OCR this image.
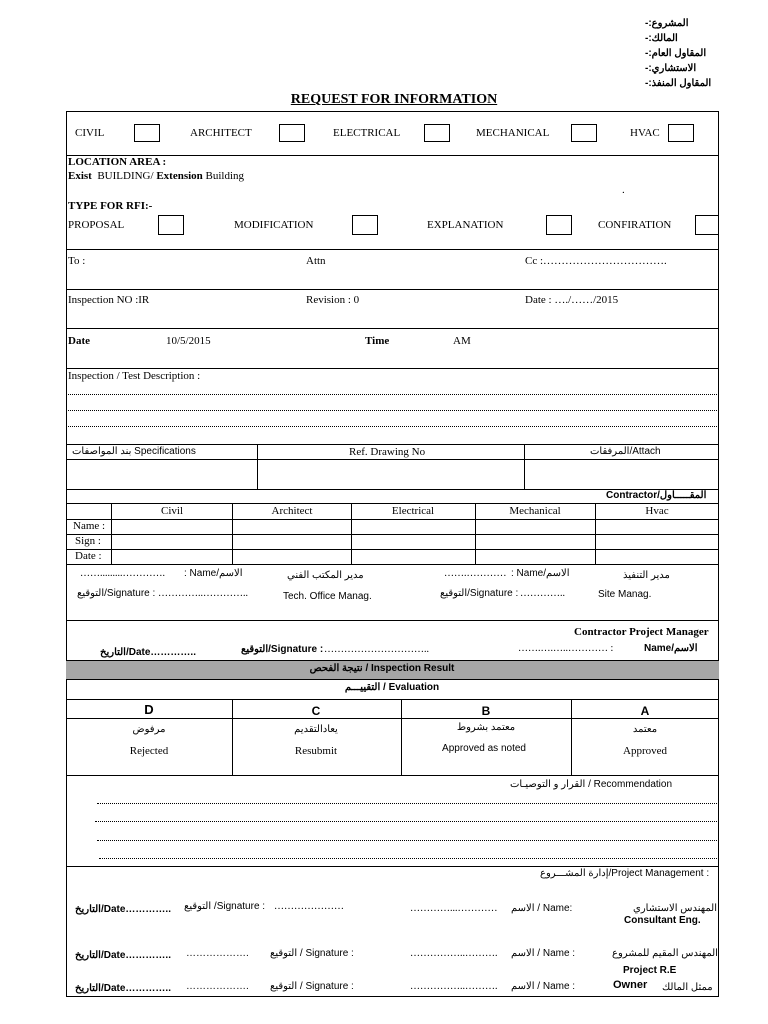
المشروع:-
المالك:-
المقاول العام:-
الاستشاري:-
المقاول المنفذ:-
REQUEST FOR INFORMATION
CIVIL	ARCHITECT	ELECTRICAL	MECHANICAL	HVAC
LOCATION AREA :
Exist BUILDING/ Extension Building
.
TYPE FOR RFI:-
PROPOSAL	MODIFICATION	EXPLANATION	CONFIRATION
To :	Attn	Cc :…………………………….
Inspection NO :IR	Revision : 0	Date : …./……/2015
Date	10/5/2015	Time	AM
Inspection / Test Description :
بند المواصفات Specifications	Ref. Drawing No	المرفقات/Attach
المقـــــاول/Contractor
Civil	Architect	Electrical	Mechanical	Hvac
Name :
Sign :
Date :
…….........…………. : Name/الاسم	مدير المكتب الفني	…….………… : Name/الاسم	مدير التنفيذ
التوقيع/Signature : …………..…………..	Tech. Office Manag.	التوقيع/Signature : …………..	Site Manag.
Contractor Project Manager
التاريخ/Date…………..	التوقيع/Signature : …………………………..	…….….…..………… :	Name/الاسم
نتيجة الفحص / Inspection Result
التقييـــم / Evaluation
D	C	B	A
مرفوض	يعادالتقديم	معتمد بشروط	معتمد
Rejected	Resubmit	Approved as noted	Approved
القرار و التوصيـات / Recommendation
إدارة المشـــروع/Project Management :
التاريخ/Date………….. التوقيع /Signature : …………………	…………...………… الاسم / Name:	المهندس الاستشاري
Consultant Eng.
التاريخ/Date………….. ………………. التوقيع / Signature :	……………..………. الاسم / Name :	المهندس المقيم للمشروع
Project R.E
التاريخ/Date………….. ………………. التوقيع / Signature :	……………..………. الاسم / Name :	Owner ممثل المالك
